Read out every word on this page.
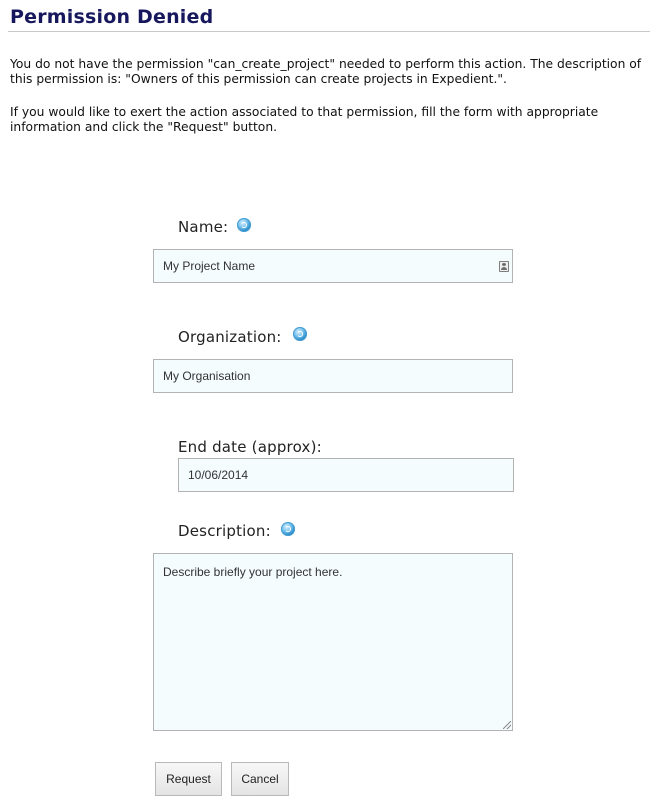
Permission Denied

You do not have the permission "can_create_project" needed to perform this action. The description of this permission is: "Owners of this permission can create projects in Expedient.".

If you would like to exert the action associated to that permission, fill the form with appropriate information and click the "Request" button.

Name:
My Project Name
Organization:
My Organisation
End date (approx):
10/06/2014
Description:
Describe briefly your project here.
Request	Cancel
